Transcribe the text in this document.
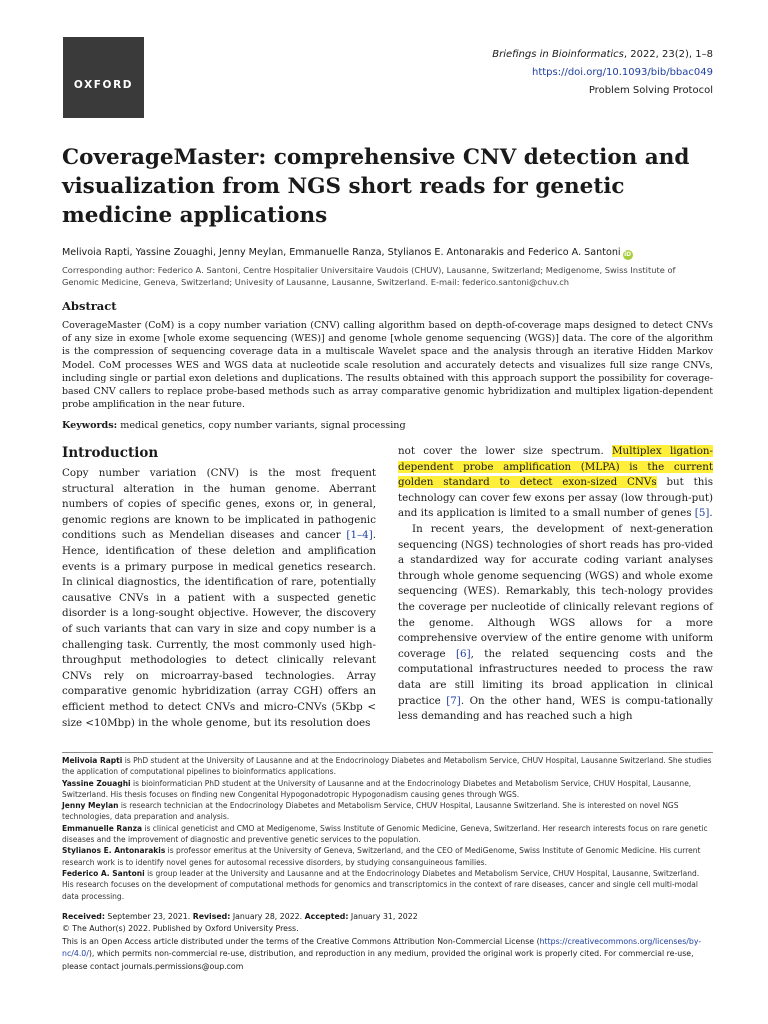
OXFORD
Briefings in Bioinformatics, 2022, 23(2), 1–8
https://doi.org/10.1093/bib/bbac049
Problem Solving Protocol
CoverageMaster: comprehensive CNV detection and visualization from NGS short reads for genetic medicine applications
Melivoia Rapti, Yassine Zouaghi, Jenny Meylan, Emmanuelle Ranza, Stylianos E. Antonarakis and Federico A. Santoni iD
Corresponding author: Federico A. Santoni, Centre Hospitalier Universitaire Vaudois (CHUV), Lausanne, Switzerland; Medigenome, Swiss Institute of Genomic Medicine, Geneva, Switzerland; Univesity of Lausanne, Lausanne, Switzerland. E-mail: federico.santoni@chuv.ch
Abstract

CoverageMaster (CoM) is a copy number variation (CNV) calling algorithm based on depth-of-coverage maps designed to detect CNVs of any size in exome [whole exome sequencing (WES)] and genome [whole genome sequencing (WGS)] data. The core of the algorithm is the compression of sequencing coverage data in a multiscale Wavelet space and the analysis through an iterative Hidden Markov Model. CoM processes WES and WGS data at nucleotide scale resolution and accurately detects and visualizes full size range CNVs, including single or partial exon deletions and duplications. The results obtained with this approach support the possibility for coverage-based CNV callers to replace probe-based methods such as array comparative genomic hybridization and multiplex ligation-dependent probe amplification in the near future.

Keywords: medical genetics, copy number variants, signal processing
Introduction

Copy number variation (CNV) is the most frequent structural alteration in the human genome. Aberrant numbers of copies of specific genes, exons or, in general, genomic regions are known to be implicated in pathogenic conditions such as Mendelian diseases and cancer [1–4]. Hence, identification of these deletion and amplification events is a primary purpose in medical genetics research. In clinical diagnostics, the identification of rare, potentially causative CNVs in a patient with a suspected genetic disorder is a long-sought objective. However, the discovery of such variants that can vary in size and copy number is a challenging task. Currently, the most commonly used high-throughput methodologies to detect clinically relevant CNVs rely on microarray-based technologies. Array comparative genomic hybridization (array CGH) offers an efficient method to detect CNVs and micro-CNVs (5Kbp < size <10Mbp) in the whole genome, but its resolution does

not cover the lower size spectrum. Multiplex ligation-dependent probe amplification (MLPA) is the current golden standard to detect exon-sized CNVs but this technology can cover few exons per assay (low through-put) and its application is limited to a small number of genes [5].

In recent years, the development of next-generation sequencing (NGS) technologies of short reads has pro-vided a standardized way for accurate coding variant analyses through whole genome sequencing (WGS) and whole exome sequencing (WES). Remarkably, this tech-nology provides the coverage per nucleotide of clinically relevant regions of the genome. Although WGS allows for a more comprehensive overview of the entire genome with uniform coverage [6], the related sequencing costs and the computational infrastructures needed to process the raw data are still limiting its broad application in clinical practice [7]. On the other hand, WES is compu-tationally less demanding and has reached such a high

Melivoia Rapti is PhD student at the University of Lausanne and at the Endocrinology Diabetes and Metabolism Service, CHUV Hospital, Lausanne Switzerland. She studies the application of computational pipelines to bioinformatics applications.

Yassine Zouaghi is bioinformatician PhD student at the University of Lausanne and at the Endocrinology Diabetes and Metabolism Service, CHUV Hospital, Lausanne, Switzerland. His thesis focuses on finding new Congenital Hypogonadotropic Hypogonadism causing genes through WGS.

Jenny Meylan is research technician at the Endocrinology Diabetes and Metabolism Service, CHUV Hospital, Lausanne Switzerland. She is interested on novel NGS technologies, data preparation and analysis.

Emmanuelle Ranza is clinical geneticist and CMO at Medigenome, Swiss Institute of Genomic Medicine, Geneva, Switzerland. Her research interests focus on rare genetic diseases and the improvement of diagnostic and preventive genetic services to the population.

Stylianos E. Antonarakis is professor emeritus at the University of Geneva, Switzerland, and the CEO of MediGenome, Swiss Institute of Genomic Medicine. His current research work is to identify novel genes for autosomal recessive disorders, by studying consanguineous families.

Federico A. Santoni is group leader at the University and Lausanne and at the Endocrinology Diabetes and Metabolism Service, CHUV Hospital, Lausanne, Switzerland. His research focuses on the development of computational methods for genomics and transcriptomics in the context of rare diseases, cancer and single cell multi-modal data processing.

Received: September 23, 2021. Revised: January 28, 2022. Accepted: January 31, 2022

© The Author(s) 2022. Published by Oxford University Press.

This is an Open Access article distributed under the terms of the Creative Commons Attribution Non-Commercial License (https://creativecommons.org/licenses/by-nc/4.0/), which permits non-commercial re-use, distribution, and reproduction in any medium, provided the original work is properly cited. For commercial re-use, please contact journals.permissions@oup.com
